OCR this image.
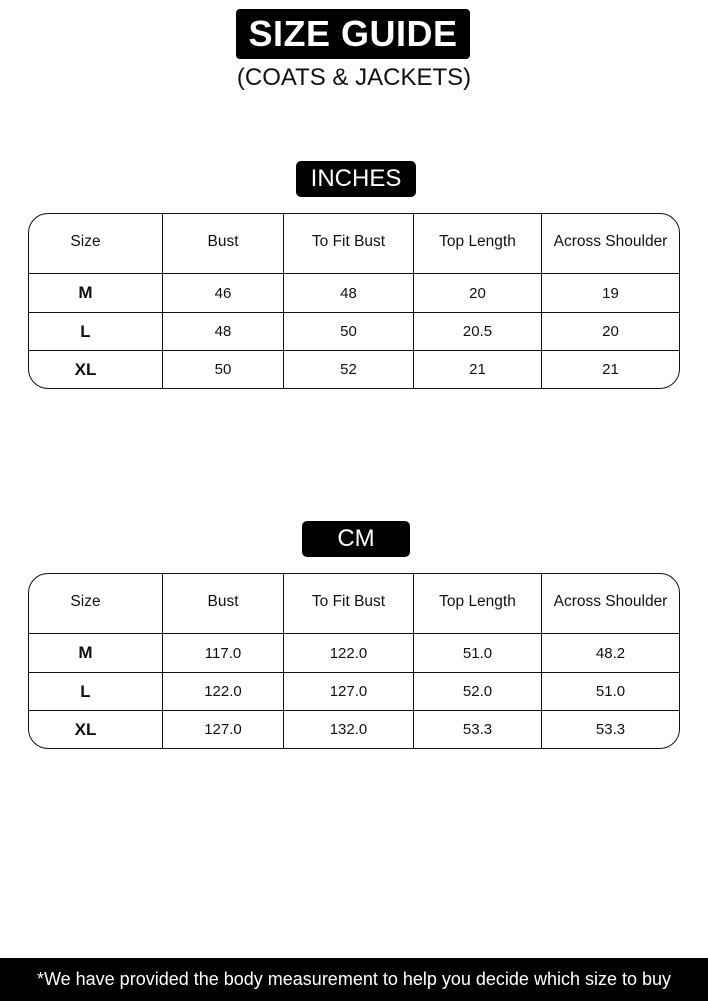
SIZE GUIDE
(COATS & JACKETS)
INCHES
Size	Bust	To Fit Bust	Top Length	Across Shoulder
M	46	48	20	19
L	48	50	20.5	20
XL	50	52	21	21
CM
Size	Bust	To Fit Bust	Top Length	Across Shoulder
M	117.0	122.0	51.0	48.2
L	122.0	127.0	52.0	51.0
XL	127.0	132.0	53.3	53.3
*We have provided the body measurement to help you decide which size to buy
